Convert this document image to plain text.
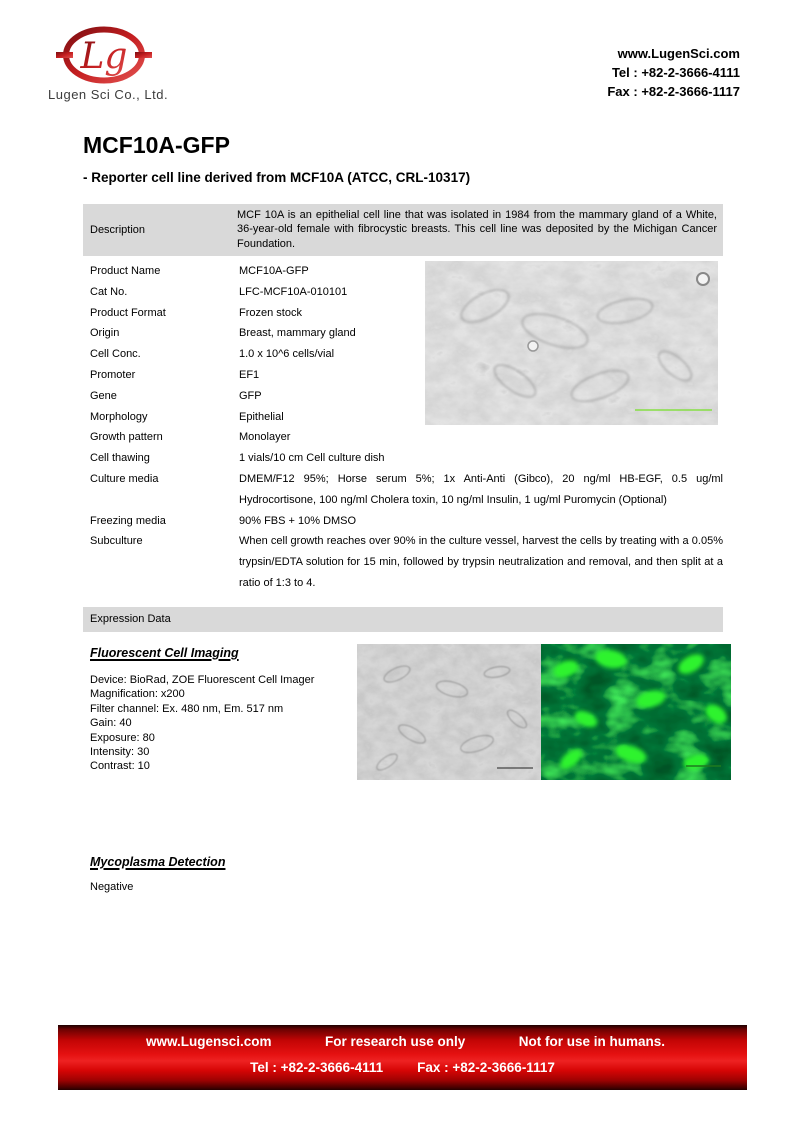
Lg
Lugen Sci Co., Ltd.
www.LugenSci.com
Tel : +82-2-3666-4111
Fax : +82-2-3666-1117
MCF10A-GFP
- Reporter cell line derived from MCF10A (ATCC, CRL-10317)
Description
MCF 10A is an epithelial cell line that was isolated in 1984 from the mammary gland of a White, 36-year-old female with fibrocystic breasts. This cell line was deposited by the Michigan Cancer Foundation.
Product Name	MCF10A-GFP
Cat No.	LFC-MCF10A-010101
Product Format	Frozen stock
Origin	Breast, mammary gland
Cell Conc.	1.0 x 10^6 cells/vial
Promoter	EF1
Gene	GFP
Morphology	Epithelial
Growth pattern	Monolayer
Cell thawing	1 vials/10 cm Cell culture dish
Culture media	DMEM/F12 95%; Horse serum 5%; 1x Anti-Anti (Gibco), 20 ng/ml HB-EGF, 0.5 ug/ml Hydrocortisone, 100 ng/ml Cholera toxin, 10 ng/ml Insulin, 1 ug/ml Puromycin (Optional)
Freezing media	90% FBS + 10% DMSO
Subculture	When cell growth reaches over 90% in the culture vessel, harvest the cells by treating with a 0.05% trypsin/EDTA solution for 15 min, followed by trypsin neutralization and removal, and then split at a ratio of 1:3 to 4.
Expression Data
Fluorescent Cell Imaging
Device: BioRad, ZOE Fluorescent Cell Imager
Magnification: x200
Filter channel: Ex. 480 nm, Em. 517 nm
Gain: 40
Exposure: 80
Intensity: 30
Contrast: 10
Mycoplasma Detection
Negative
www.Lugensci.com	For research use only	Not for use in humans.
Tel : +82-2-3666-4111	Fax : +82-2-3666-1117
